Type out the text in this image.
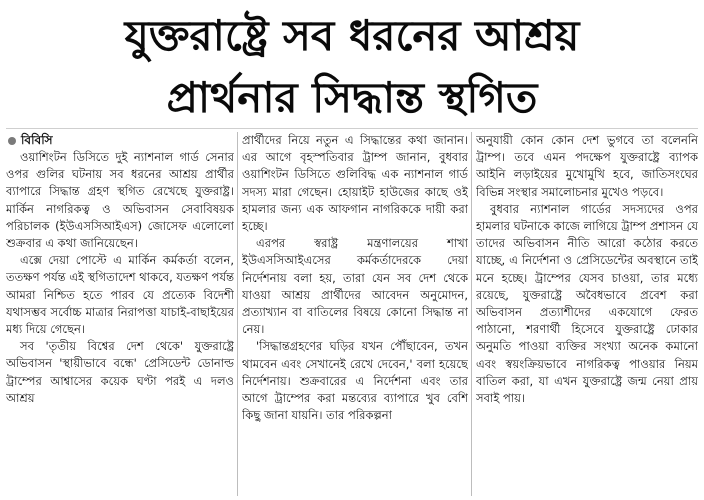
যুক্তরাষ্ট্রে সব ধরনের আশ্রয়
প্রার্থনার সিদ্ধান্ত স্থগিত
বিবিসি

ওয়াশিংটন ডিসিতে দুই ন্যাশনাল গার্ড সেনার ওপর গুলির ঘটনায় সব ধরনের আশ্রয় প্রার্থীর ব্যাপারে সিদ্ধান্ত গ্রহণ স্থগিত রেখেছে যুক্তরাষ্ট্র। মার্কিন নাগরিকত্ব ও অভিবাসন সেবাবিষয়ক পরিচালক (ইউএসসিআইএস) জোসেফ এলোলো শুক্রবার এ কথা জানিয়েছেন।

এক্সে দেয়া পোস্টে এ মার্কিন কর্মকর্তা বলেন, ততক্ষণ পর্যন্ত এই স্থগিতাদেশ থাকবে, যতক্ষণ পর্যন্ত আমরা নিশ্চিত হতে পারব যে প্রত্যেক বিদেশী যথাসম্ভব সর্বোচ্চ মাত্রার নিরাপত্তা যাচাই-বাছাইয়ের মধ্য দিয়ে গেছেন।

সব 'তৃতীয় বিশ্বের দেশ থেকে' যুক্তরাষ্ট্রে অভিবাসন 'স্থায়ীভাবে বন্ধে' প্রেসিডেন্ট ডোনাল্ড ট্রাম্পের আশ্বাসের কয়েক ঘণ্টা পরই এ দলও আশ্রয়

প্রার্থীদের নিয়ে নতুন এ সিদ্ধান্তের কথা জানান। এর আগে বৃহস্পতিবার ট্রাম্প জানান, বুধবার ওয়াশিংটন ডিসিতে গুলিবিদ্ধ এক ন্যাশনাল গার্ড সদস্য মারা গেছেন। হোয়াইট হাউজের কাছে ওই হামলার জন্য এক আফগান নাগরিককে দায়ী করা হচ্ছে।

এরপর স্বরাষ্ট্র মন্ত্রণালয়ের শাখা ইউএসসিআইএসের কর্মকর্তাদেরকে দেয়া নির্দেশনায় বলা হয়, তারা যেন সব দেশ থেকে যাওয়া আশ্রয় প্রার্থীদের আবেদন অনুমোদন, প্রত্যাখ্যান বা বাতিলের বিষয়ে কোনো সিদ্ধান্ত না নেয়।

'সিদ্ধান্তগ্রহণের ঘড়ির যখন পৌঁছাবেন, তখন থামবেন এবং সেখানেই রেখে দেবেন,' বলা হয়েছে নির্দেশনায়। শুক্রবারের এ নির্দেশনা এবং তার আগে ট্রাম্পের করা মন্তব্যের ব্যাপারে খুব বেশি কিছু জানা যায়নি। তার পরিকল্পনা

অনুযায়ী কোন কোন দেশ ভুগবে তা বলেননি ট্রাম্প। তবে এমন পদক্ষেপ যুক্তরাষ্ট্রে ব্যাপক আইনি লড়াইয়ের মুখোমুখি হবে, জাতিসংঘের বিভিন্ন সংস্থার সমালোচনার মুখেও পড়বে।

বুধবার ন্যাশনাল গার্ডের সদস্যদের ওপর হামলার ঘটনাকে কাজে লাগিয়ে ট্রাম্প প্রশাসন যে তাদের অভিবাসন নীতি আরো কঠোর করতে যাচ্ছে, এ নির্দেশনা ও প্রেসিডেন্টের অবস্থানে তাই মনে হচ্ছে। ট্রাম্পের যেসব চাওয়া, তার মধ্যে রয়েছে, যুক্তরাষ্ট্রে অবৈধভাবে প্রবেশ করা অভিবাসন প্রত্যাশীদের একযোগে ফেরত পাঠানো, শরণার্থী হিসেবে যুক্তরাষ্ট্রে ঢোকার অনুমতি পাওয়া ব্যক্তির সংখ্যা অনেক কমানো এবং স্বয়ংক্রিয়ভাবে নাগরিকত্ব পাওয়ার নিয়ম বাতিল করা, যা এখন যুক্তরাষ্ট্রে জন্ম নেয়া প্রায় সবাই পায়।
